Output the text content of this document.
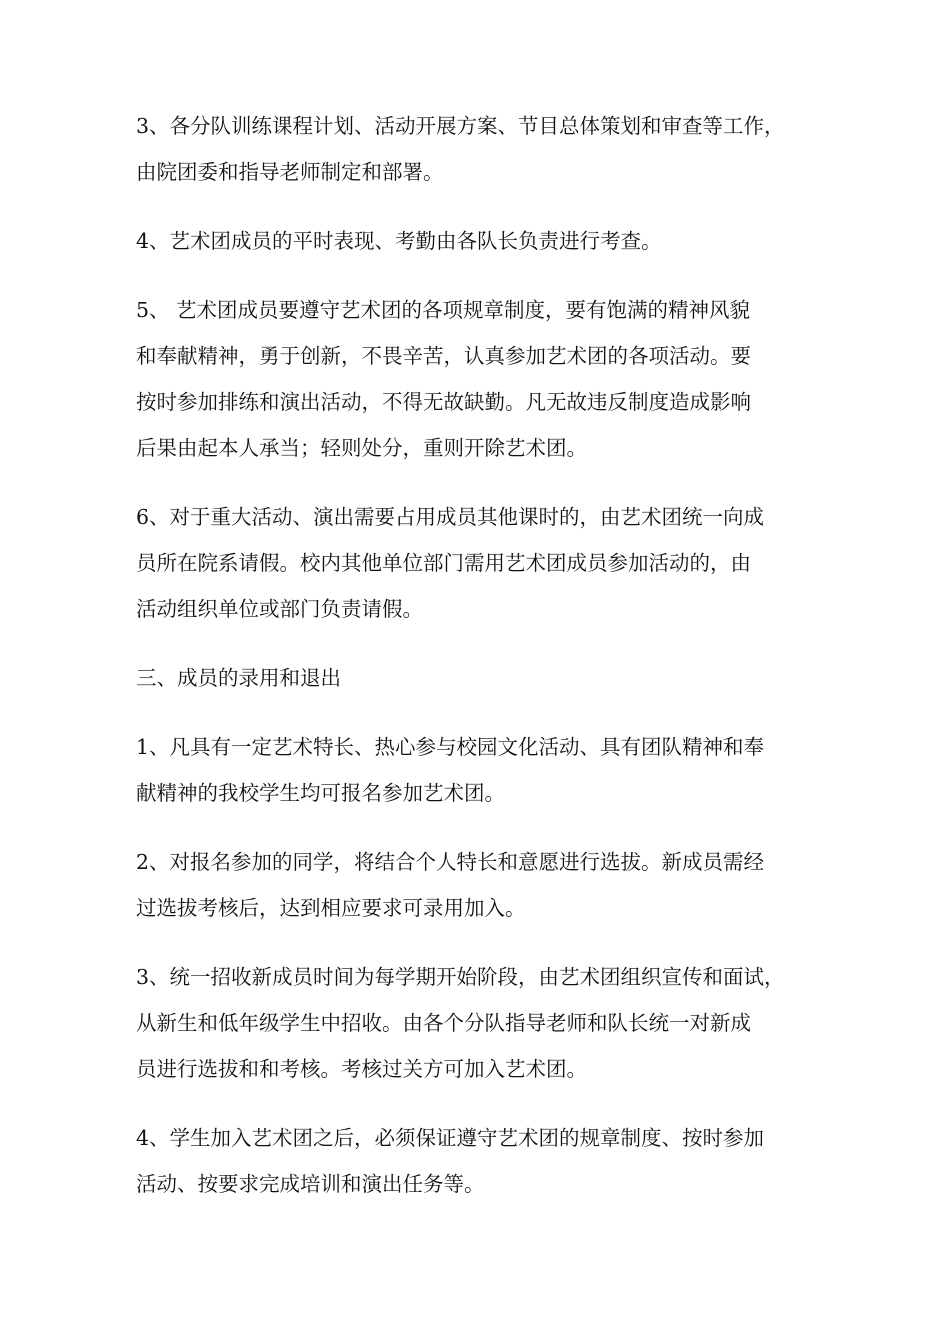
3、各分队训练课程计划、活动开展方案、节目总体策划和审查等工作，
由院团委和指导老师制定和部署。

4、艺术团成员的平时表现、考勤由各队长负责进行考查。

5、 艺术团成员要遵守艺术团的各项规章制度，要有饱满的精神风貌
和奉献精神，勇于创新，不畏辛苦，认真参加艺术团的各项活动。要
按时参加排练和演出活动，不得无故缺勤。凡无故违反制度造成影响
后果由起本人承当；轻则处分，重则开除艺术团。

6、对于重大活动、演出需要占用成员其他课时的，由艺术团统一向成
员所在院系请假。校内其他单位部门需用艺术团成员参加活动的，由
活动组织单位或部门负责请假。

三、成员的录用和退出

1、凡具有一定艺术特长、热心参与校园文化活动、具有团队精神和奉
献精神的我校学生均可报名参加艺术团。

2、对报名参加的同学，将结合个人特长和意愿进行选拔。新成员需经
过选拔考核后，达到相应要求可录用加入。

3、统一招收新成员时间为每学期开始阶段，由艺术团组织宣传和面试，
从新生和低年级学生中招收。由各个分队指导老师和队长统一对新成
员进行选拔和和考核。考核过关方可加入艺术团。

4、学生加入艺术团之后，必须保证遵守艺术团的规章制度、按时参加
活动、按要求完成培训和演出任务等。
